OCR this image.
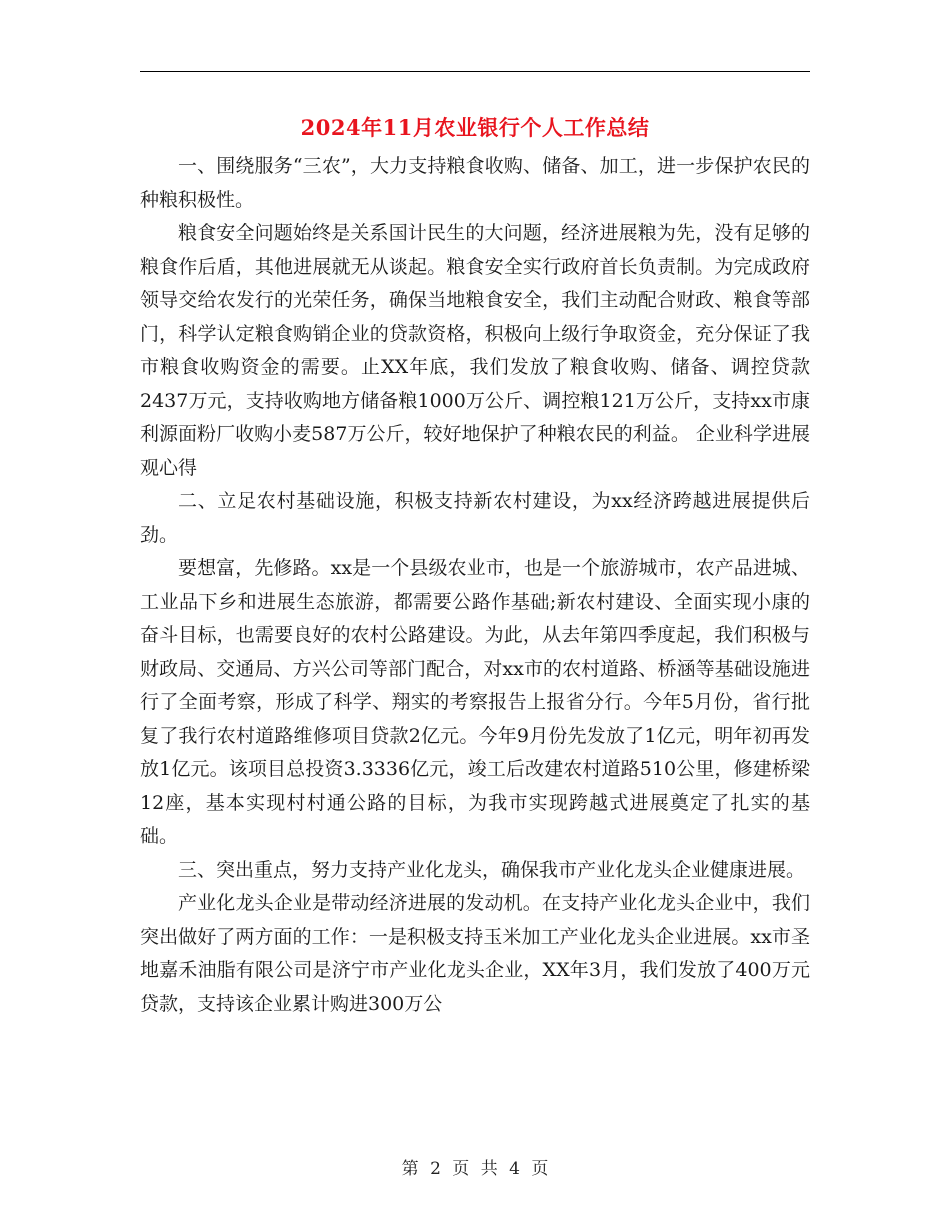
2024年11月农业银行个人工作总结

一、围绕服务“三农”，大力支持粮食收购、储备、加工，进一步保护农民的种粮积极性。

粮食安全问题始终是关系国计民生的大问题，经济进展粮为先，没有足够的粮食作后盾，其他进展就无从谈起。粮食安全实行政府首长负责制。为完成政府领导交给农发行的光荣任务，确保当地粮食安全，我们主动配合财政、粮食等部门，科学认定粮食购销企业的贷款资格，积极向上级行争取资金，充分保证了我市粮食收购资金的需要。止XX年底，我们发放了粮食收购、储备、调控贷款2437万元，支持收购地方储备粮1000万公斤、调控粮121万公斤，支持xx市康利源面粉厂收购小麦587万公斤，较好地保护了种粮农民的利益。 企业科学进展观心得

二、立足农村基础设施，积极支持新农村建设，为xx经济跨越进展提供后劲。

要想富，先修路。xx是一个县级农业市，也是一个旅游城市，农产品进城、工业品下乡和进展生态旅游，都需要公路作基础;新农村建设、全面实现小康的奋斗目标，也需要良好的农村公路建设。为此，从去年第四季度起，我们积极与财政局、交通局、方兴公司等部门配合，对xx市的农村道路、桥涵等基础设施进行了全面考察，形成了科学、翔实的考察报告上报省分行。今年5月份，省行批复了我行农村道路维修项目贷款2亿元。今年9月份先发放了1亿元，明年初再发放1亿元。该项目总投资3.3336亿元，竣工后改建农村道路510公里，修建桥梁12座，基本实现村村通公路的目标，为我市实现跨越式进展奠定了扎实的基础。

三、突出重点，努力支持产业化龙头，确保我市产业化龙头企业健康进展。

产业化龙头企业是带动经济进展的发动机。在支持产业化龙头企业中，我们突出做好了两方面的工作：一是积极支持玉米加工产业化龙头企业进展。xx市圣地嘉禾油脂有限公司是济宁市产业化龙头企业，XX年3月，我们发放了400万元贷款，支持该企业累计购进300万公

第 2 页 共 4 页
